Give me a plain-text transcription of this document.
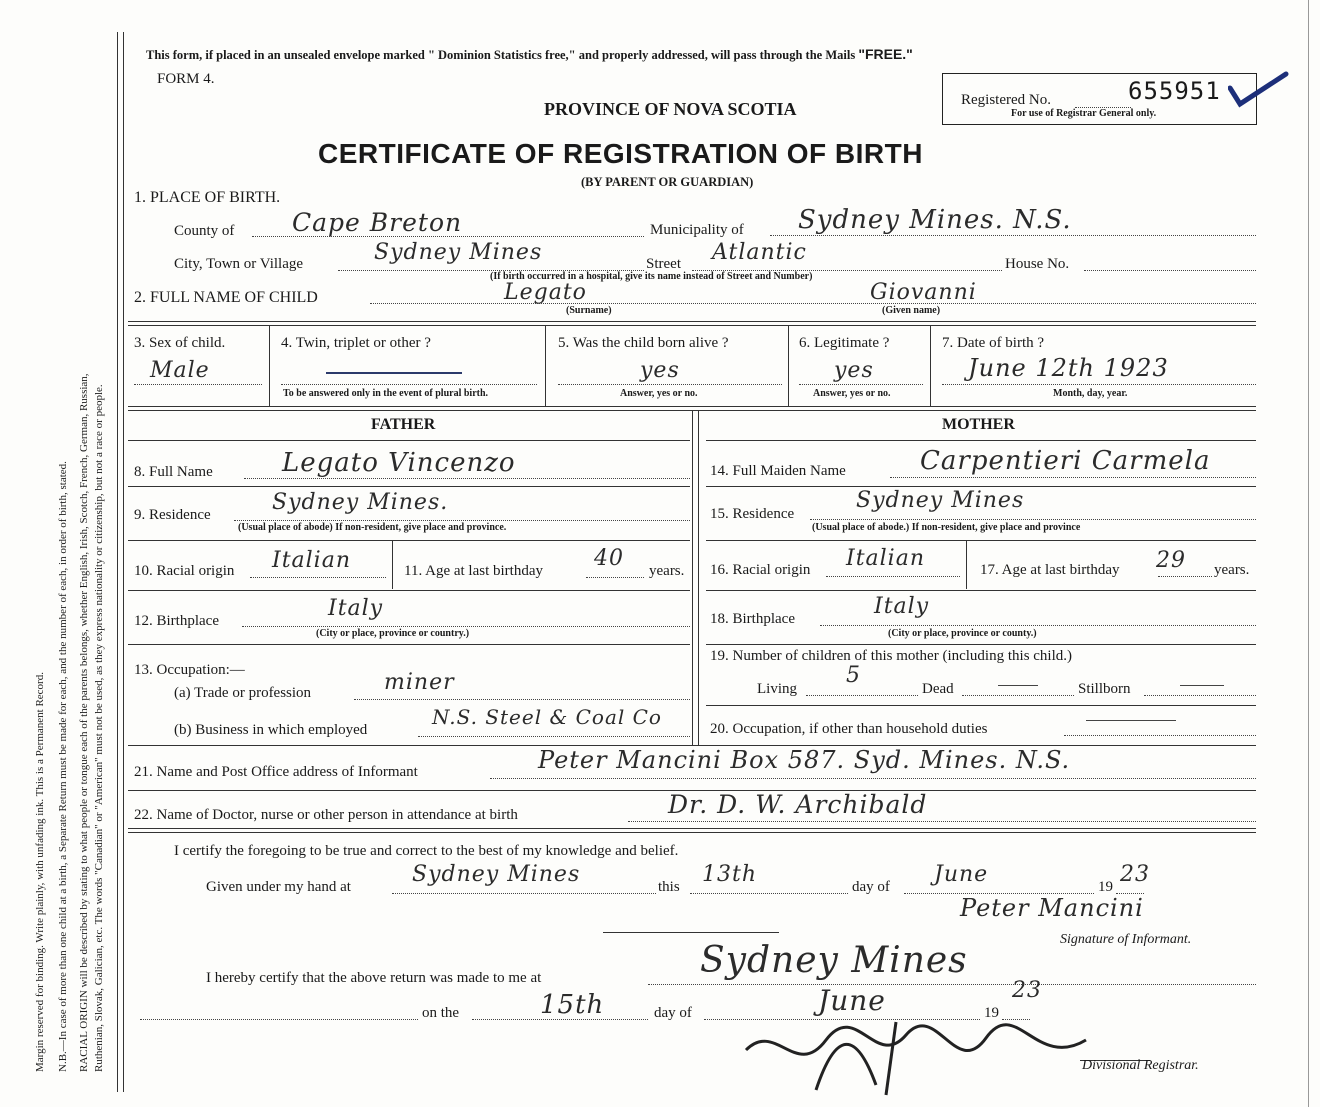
Margin reserved for binding. Write plainly, with unfading ink. This is a Permanent Record. N.B.—In case of more than one child at a birth, a Separate Return must be made for each, and the number of each, in order of birth, stated. RACIAL ORIGIN will be described by stating to what people or tongue each of the parents belongs, whether English, Irish, Scotch, French, German, Russian, Ruthenian, Slovak, Galician, etc. The words "Canadian" or "American" must not be used, as they express nationality or citizenship, but not a race or people.
This form, if placed in an unsealed envelope marked " Dominion Statistics free," and properly addressed, will pass through the Mails "FREE."
FORM 4.
PROVINCE OF NOVA SCOTIA
CERTIFICATE OF REGISTRATION OF BIRTH
(BY PARENT OR GUARDIAN)
Registered No.	655951
For use of Registrar General only.
1. PLACE OF BIRTH.
County of Cape Breton	Municipality of Sydney Mines. N.S.
City, Town or Village	Sydney Mines	Street Atlantic	House No.
(If birth occurred in a hospital, give its name instead of Street and Number)
2. FULL NAME OF CHILD	Legato
(Surname)
Giovanni
(Given name)
3. Sex of child.
Male
4. Twin, triplet or other ?
To be answered only in the event of plural birth.
5. Was the child born alive ?
yes
Answer, yes or no.
6. Legitimate ?
yes
Answer, yes or no.
7. Date of birth ?
June 12th 1923
Month, day, year.
FATHER	MOTHER
8. Full Name	Legato Vincenzo
9. Residence	Sydney Mines.
(Usual place of abode) If non-resident, give place and province.
10. Racial origin Italian	11. Age at last birthday 40 years.
12. Birthplace	Italy
(City or place, province or country.)
13. Occupation:—
(a) Trade or profession	miner
(b) Business in which employed
N.S. Steel & Coal Co
14. Full Maiden Name	Carpentieri Carmela
15. Residence
Sydney Mines
(Usual place of abode.) If non-resident, give place and province
16. Racial origin Italian	17. Age at last birthday 29 years.
18. Birthplace	Italy
(City or place, province or county.)
19. Number of children of this mother (including this child.)
Living
5
Dead	Stillborn
20. Occupation, if other than household duties
21. Name and Post Office address of Informant	Peter Mancini Box 587. Syd. Mines. N.S.
22. Name of Doctor, nurse or other person in attendance at birth	Dr. D. W. Archibald
I certify the foregoing to be true and correct to the best of my knowledge and belief.
Given under my hand at	Sydney Mines	this 13th	day of June	19 23
Peter Mancini
Signature of Informant.
I hereby certify that the above return was made to me at	Sydney Mines
on the	15th	day of	June	19
23
Divisional Registrar.
